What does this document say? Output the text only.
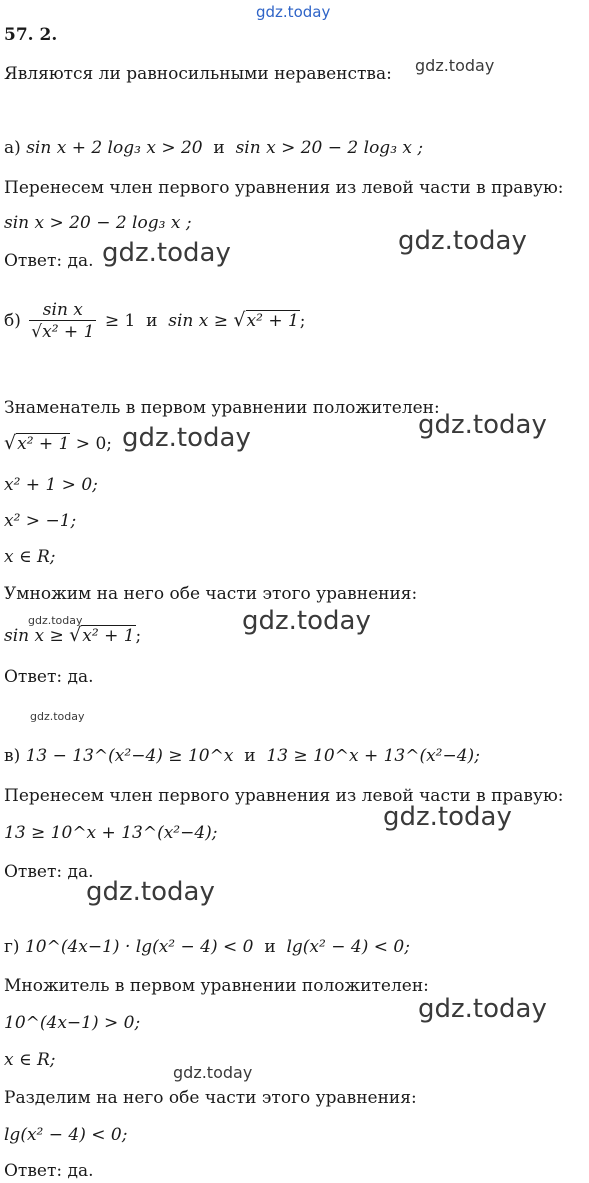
gdz.today
gdz.today
gdz.today
gdz.today
gdz.today	gdz.today
gdz.today	gdz.today
gdz.today
gdz.today
gdz.today
gdz.today
gdz.today
57. 2.
Являются ли равносильными неравенства:
а) sin x + 2 log₃ x > 20 и sin x > 20 − 2 log₃ x ;
Перенесем член первого уравнения из левой части в правую:
sin x > 20 − 2 log₃ x ;
Ответ: да.
$б) \frac{\text{sin x}}{\text{√x² + 1}} \ge 1$ и sin x ≥ √x² + 1;
Знаменатель в первом уравнении положителен:
√x² + 1 > 0;
x² + 1 > 0;
x² > −1;
x ∈ R;
Умножим на него обе части этого уравнения:
sin x ≥ √x² + 1;
Ответ: да.
в) 13 − 13^(x²−4) ≥ 10^x и 13 ≥ 10^x + 13^(x²−4);
Перенесем член первого уравнения из левой части в правую:
13 ≥ 10^x + 13^(x²−4);
Ответ: да.
г) 10^(4x−1) · lg(x² − 4) < 0 и lg(x² − 4) < 0;
Множитель в первом уравнении положителен:
10^(4x−1) > 0;
x ∈ R;
Разделим на него обе части этого уравнения:
lg(x² − 4) < 0;
Ответ: да.
